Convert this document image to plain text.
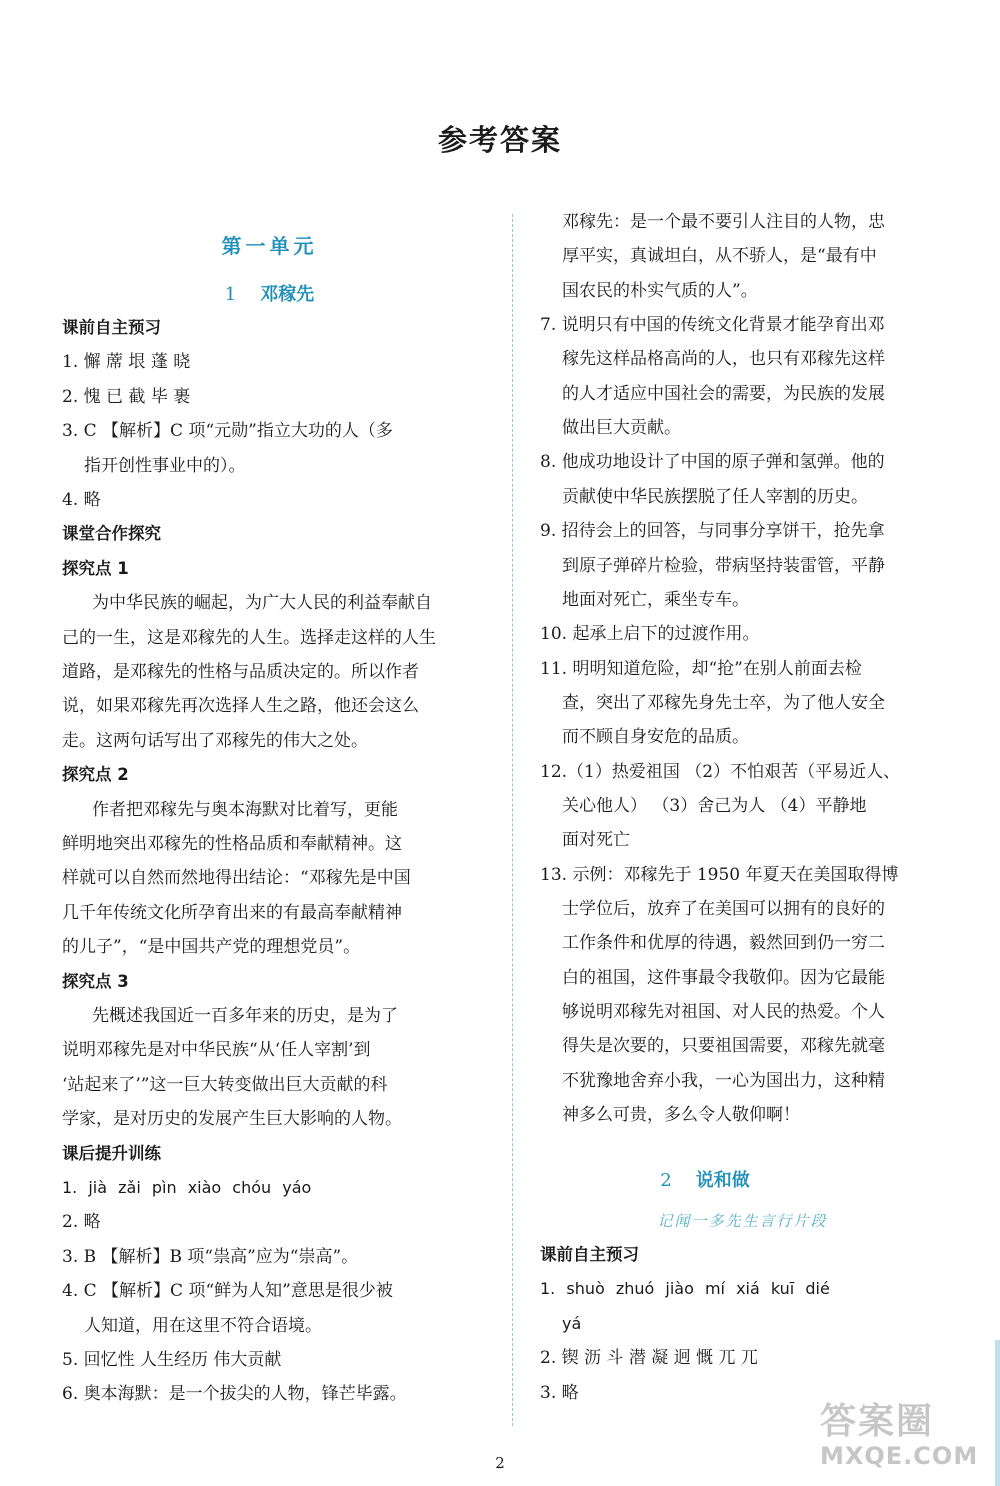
参考答案
第一单元
1 邓稼先
课前自主预习
1. 懈 蓆 垠 蓬 晓
2. 愧 已 截 毕 裹
3. C 【解析】C 项“元勋”指立大功的人（多
指开创性事业中的）。
4. 略
课堂合作探究
探究点 1
为中华民族的崛起，为广大人民的利益奉献自
己的一生，这是邓稼先的人生。选择走这样的人生
道路，是邓稼先的性格与品质决定的。所以作者
说，如果邓稼先再次选择人生之路，他还会这么
走。这两句话写出了邓稼先的伟大之处。
探究点 2
作者把邓稼先与奥本海默对比着写，更能
鲜明地突出邓稼先的性格品质和奉献精神。这
样就可以自然而然地得出结论：“邓稼先是中国
几千年传统文化所孕育出来的有最高奉献精神
的儿子”，“是中国共产党的理想党员”。
探究点 3
先概述我国近一百多年来的历史，是为了
说明邓稼先是对中华民族“从‘任人宰割’到
‘站起来了’”这一巨大转变做出巨大贡献的科
学家，是对历史的发展产生巨大影响的人物。
课后提升训练
1. jià zǎi pìn xiào chóu yáo
2. 略
3. B 【解析】B 项“祟高”应为“崇高”。
4. C 【解析】C 项“鲜为人知”意思是很少被
人知道，用在这里不符合语境。
5. 回忆性 人生经历 伟大贡献
6. 奥本海默：是一个拔尖的人物，锋芒毕露。
邓稼先：是一个最不要引人注目的人物，忠
厚平实，真诚坦白，从不骄人，是“最有中
国农民的朴实气质的人”。
7. 说明只有中国的传统文化背景才能孕育出邓
稼先这样品格高尚的人，也只有邓稼先这样
的人才适应中国社会的需要，为民族的发展
做出巨大贡献。
8. 他成功地设计了中国的原子弹和氢弹。他的
贡献使中华民族摆脱了任人宰割的历史。
9. 招待会上的回答，与同事分享饼干，抢先拿
到原子弹碎片检验，带病坚持装雷管，平静
地面对死亡，乘坐专车。
10. 起承上启下的过渡作用。
11. 明明知道危险，却“抢”在别人前面去检
查，突出了邓稼先身先士卒，为了他人安全
而不顾自身安危的品质。
12.（1）热爱祖国 （2）不怕艰苦（平易近人、
关心他人） （3）舍己为人 （4）平静地
面对死亡
13. 示例：邓稼先于 1950 年夏天在美国取得博
士学位后，放弃了在美国可以拥有的良好的
工作条件和优厚的待遇，毅然回到仍一穷二
白的祖国，这件事最令我敬仰。因为它最能
够说明邓稼先对祖国、对人民的热爱。个人
得失是次要的，只要祖国需要，邓稼先就毫
不犹豫地舍弃小我，一心为国出力，这种精
神多么可贵，多么令人敬仰啊！
2 说和做
记闻一多先生言行片段
课前自主预习
1. shuò zhuó jiào mí xiá kuī dié
yá
2. 锲 沥 斗 潜 凝 迥 慨 兀 兀
3. 略
2
答案圈
MXQE.COM
